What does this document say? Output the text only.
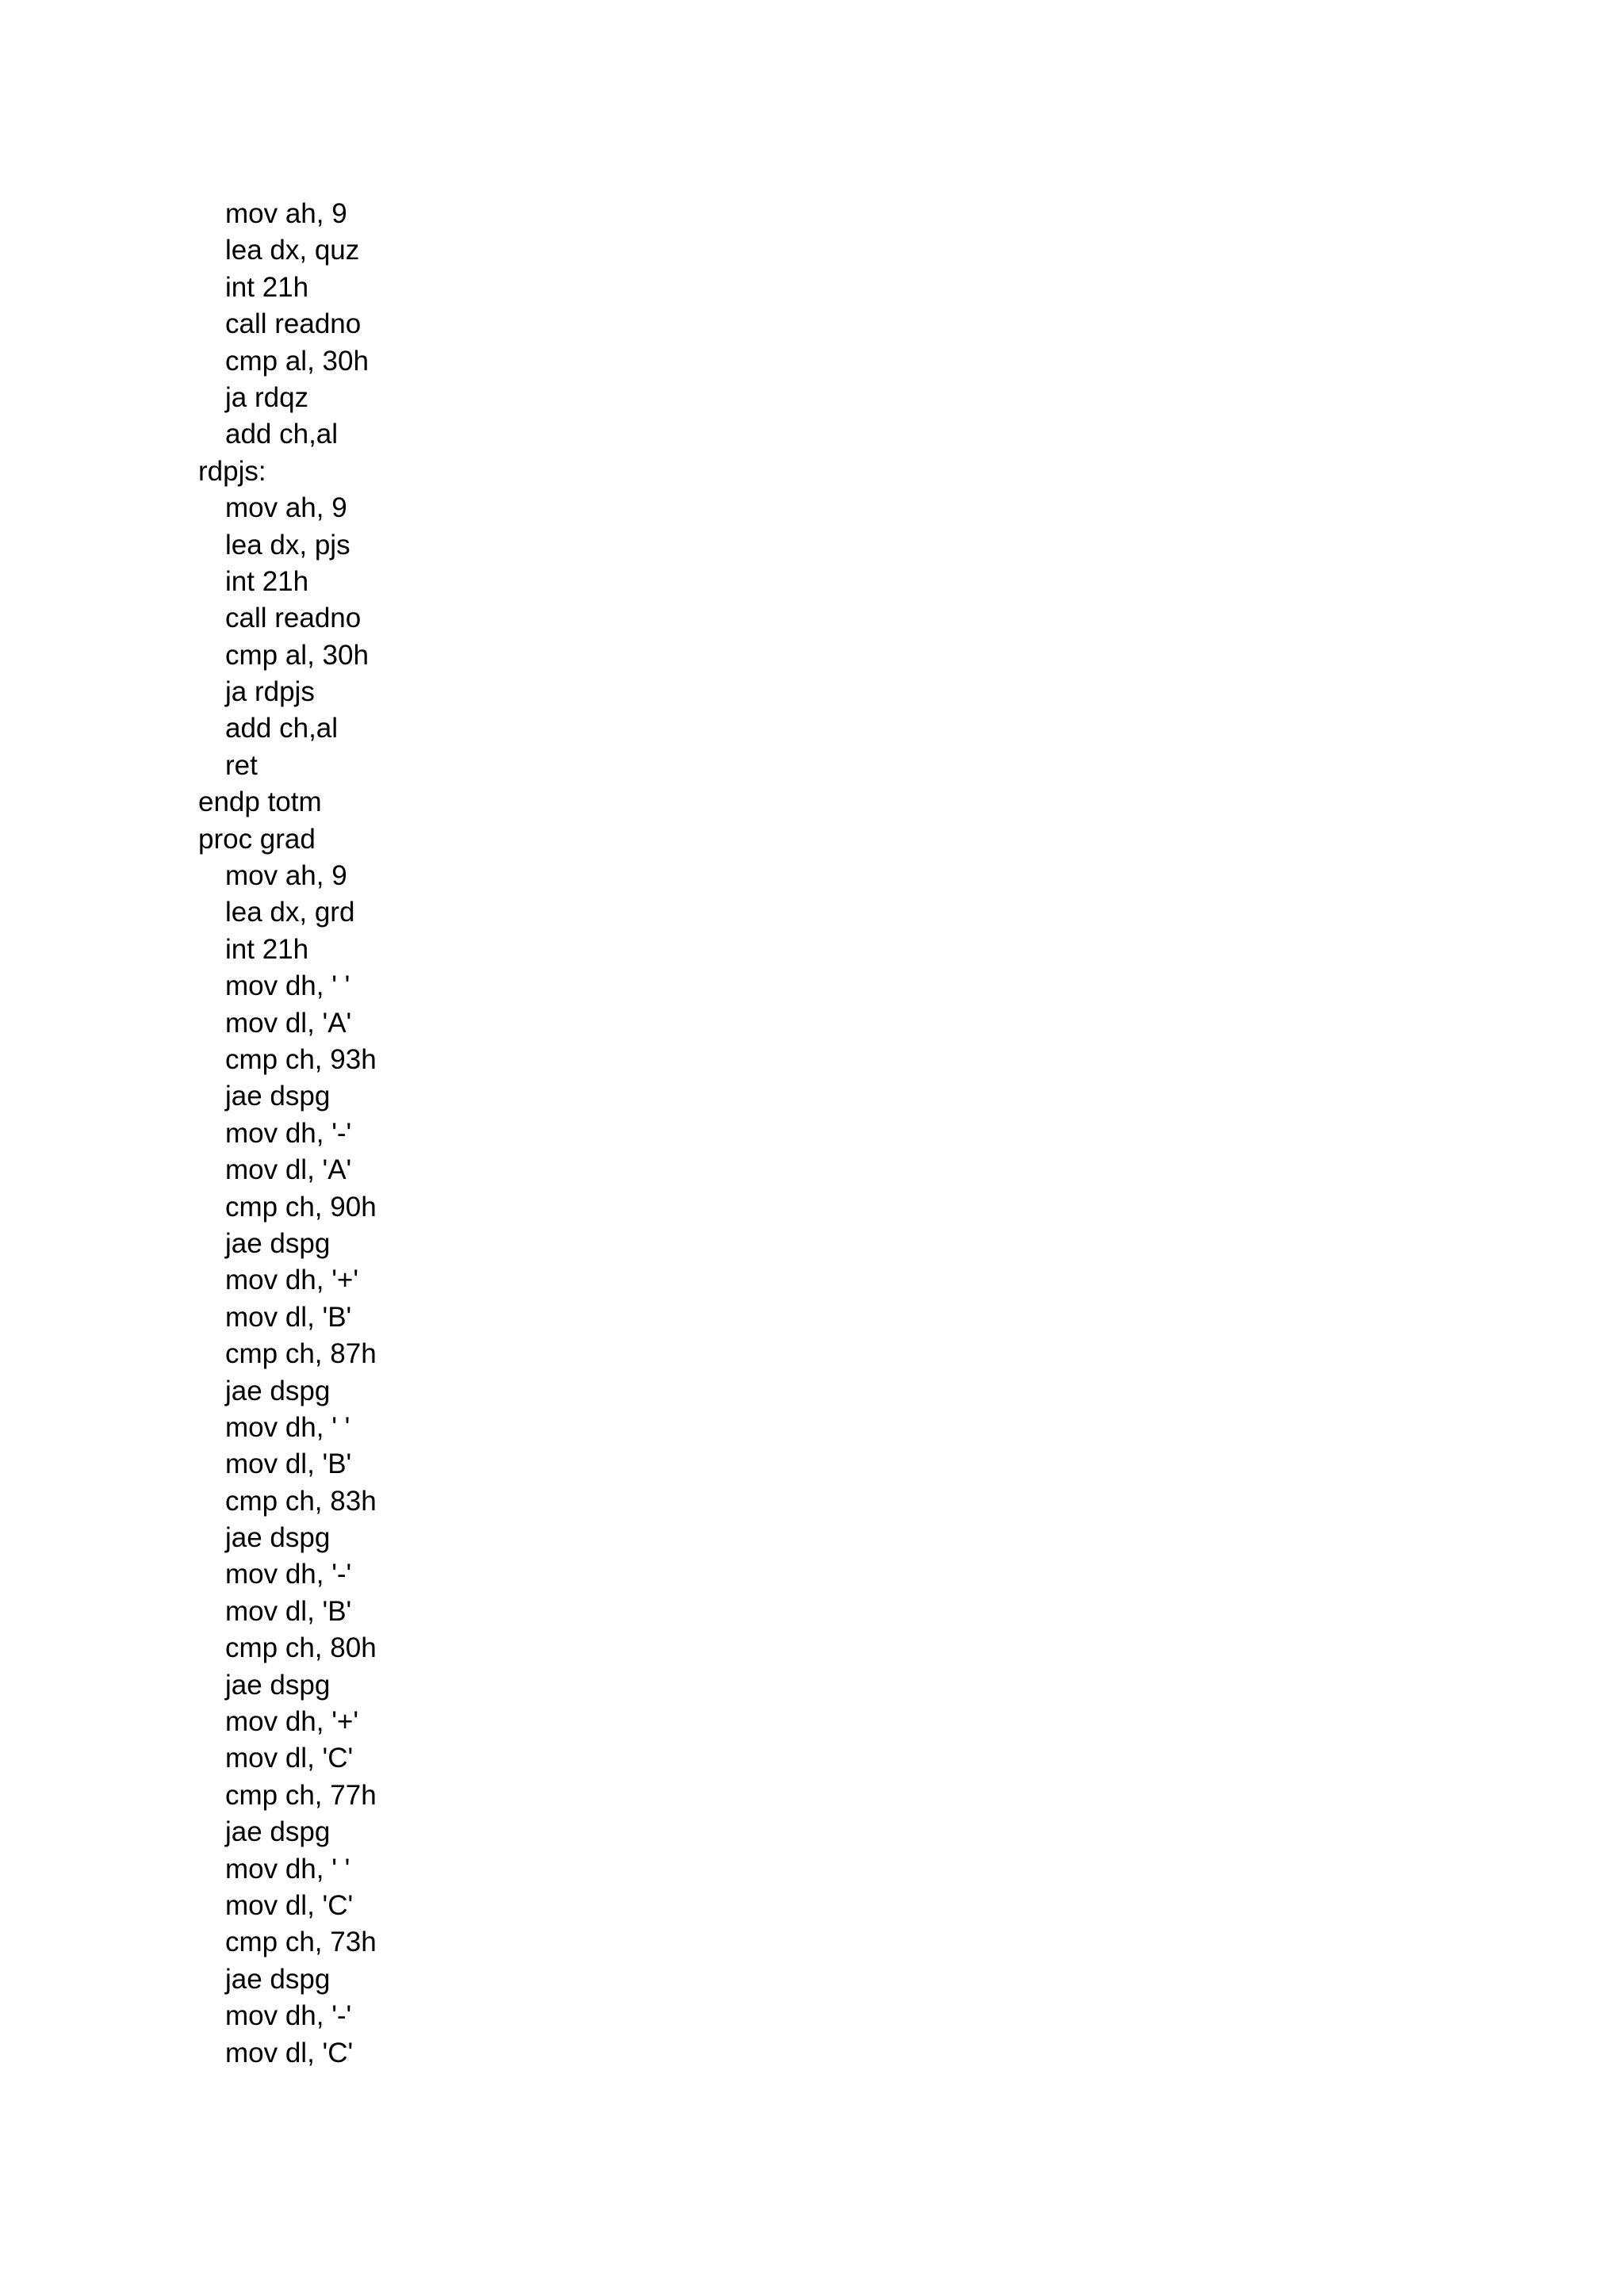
mov ah, 9
lea dx, quz
int 21h
call readno
cmp al, 30h
ja rdqz
add ch,al
rdpjs:
mov ah, 9
lea dx, pjs
int 21h
call readno
cmp al, 30h
ja rdpjs
add ch,al
ret
endp totm
proc grad
mov ah, 9
lea dx, grd
int 21h
mov dh, ' '
mov dl, 'A'
cmp ch, 93h
jae dspg
mov dh, '-'
mov dl, 'A'
cmp ch, 90h
jae dspg
mov dh, '+'
mov dl, 'B'
cmp ch, 87h
jae dspg
mov dh, ' '
mov dl, 'B'
cmp ch, 83h
jae dspg
mov dh, '-'
mov dl, 'B'
cmp ch, 80h
jae dspg
mov dh, '+'
mov dl, 'C'
cmp ch, 77h
jae dspg
mov dh, ' '
mov dl, 'C'
cmp ch, 73h
jae dspg
mov dh, '-'
mov dl, 'C'
